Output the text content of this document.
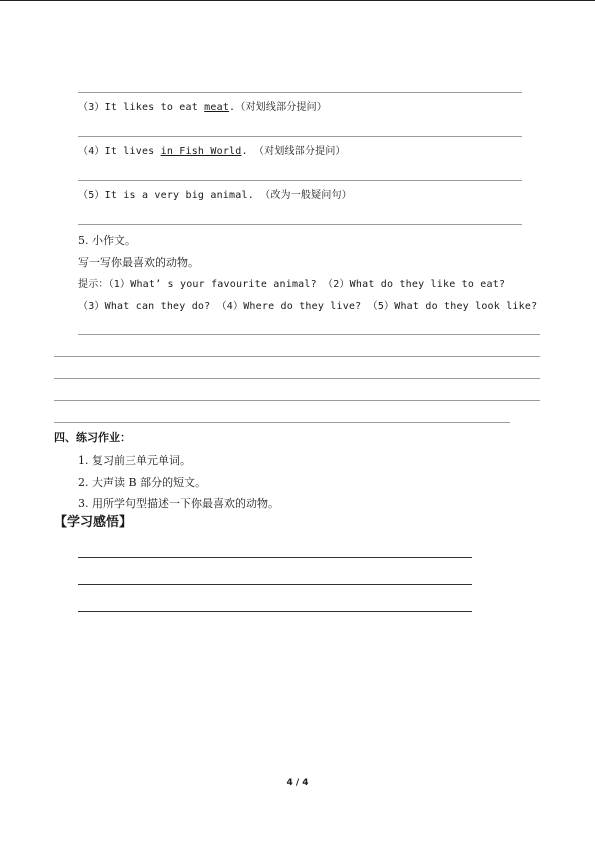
（3）It likes to eat meat.（对划线部分提问）
（4）It lives in Fish World. （对划线部分提问）
（5）It is a very big animal. （改为一般疑问句）
5. 小作文。
写一写你最喜欢的动物。
提示：（1）What’ s your favourite animal? （2）What do they like to eat?
（3）What can they do? （4）Where do they live? （5）What do they look like?
四、练习作业：
1. 复习前三单元单词。
2. 大声读 B 部分的短文。
3. 用所学句型描述一下你最喜欢的动物。
【学习感悟】
4 / 4
